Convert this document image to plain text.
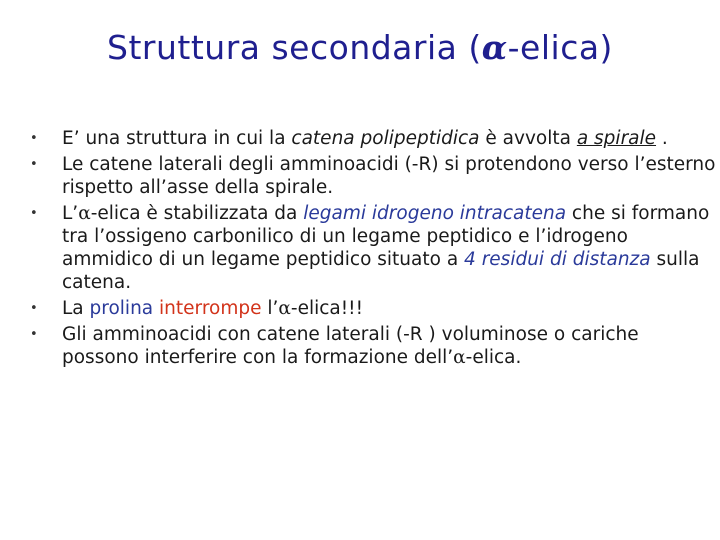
Struttura secondaria (α-elica)
• E’ una struttura in cui la catena polipeptidica è avvolta a spirale .
• Le catene laterali degli amminoacidi (-R) si protendono verso l’esterno rispetto all’asse della spirale.
• L’α-elica è stabilizzata da legami idrogeno intracatena che si formano tra l’ossigeno carbonilico di un legame peptidico e l’idrogeno ammidico di un legame peptidico situato a 4 residui di distanza sulla catena.
• La prolina interrompe l’α-elica!!!
• Gli amminoacidi con catene laterali (-R ) voluminose o cariche possono interferire con la formazione dell’α-elica.
